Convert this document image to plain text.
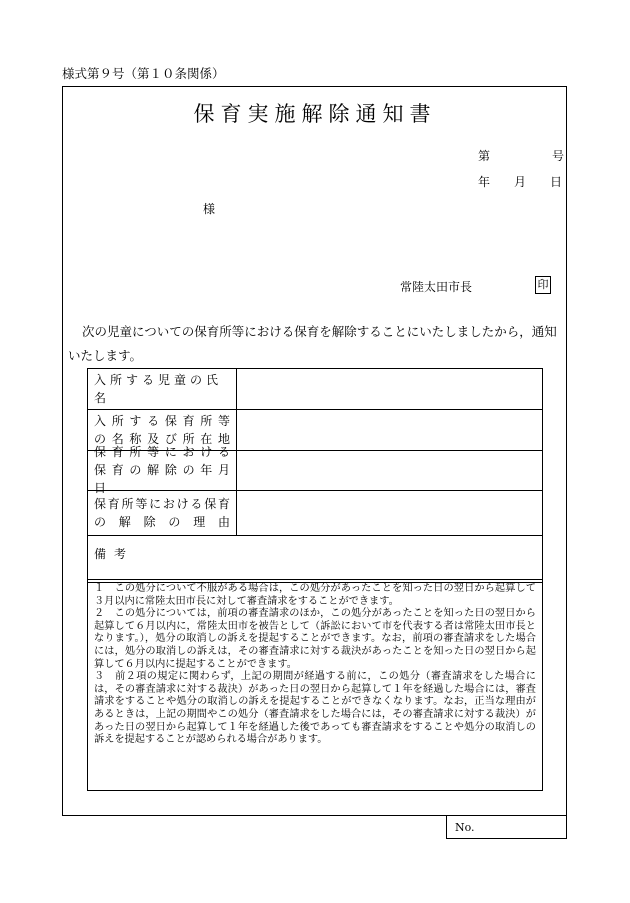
様式第９号（第１０条関係）
保育実施解除通知書
第	号
年 月 日
様
常陸太田市長	印
次の児童についての保育所等における保育を解除することにいたしましたから，通知いたします。
入所する児童の氏名
入 所 す る 保 育 所 等
の 名 称 及 び 所 在 地
保 育 所 等 に お け る
保 育 の 解 除 の 年 月 日
保育所等における保育
の 解 除 の 理 由
備考

１　この処分について不服がある場合は，この処分があったことを知った日の翌日から起算して３月以内に常陸太田市長に対して審査請求をすることができます。

２　この処分については，前項の審査請求のほか，この処分があったことを知った日の翌日から起算して６月以内に，常陸太田市を被告として（訴訟において市を代表する者は常陸太田市長となります。），処分の取消しの訴えを提起することができます。なお，前項の審査請求をした場合には，処分の取消しの訴えは，その審査請求に対する裁決があったことを知った日の翌日から起算して６月以内に提起することができます。

３　前２項の規定に関わらず，上記の期間が経過する前に，この処分（審査請求をした場合には，その審査請求に対する裁決）があった日の翌日から起算して１年を経過した場合には，審査請求をすることや処分の取消しの訴えを提起することができなくなります。なお，正当な理由があるときは，上記の期間やこの処分（審査請求をした場合には，その審査請求に対する裁決）があった日の翌日から起算して１年を経過した後であっても審査請求をすることや処分の取消しの訴えを提起することが認められる場合があります。

No.
